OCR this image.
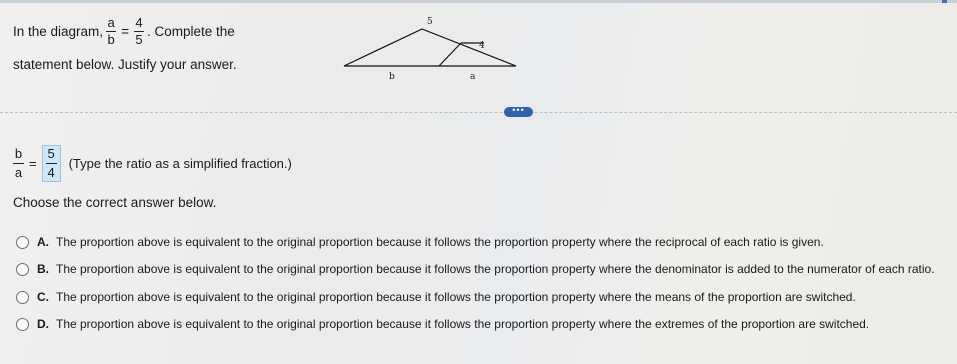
In the diagram, $\frac{a}{b} = \frac{4}{5}$ . Complete the
statement below. Justify your answer.
5
4
b	a
•••
b
a
=
5
4
(Type the ratio as a simplified fraction.)
Choose the correct answer below.
A. The proportion above is equivalent to the original proportion because it follows the proportion property where the reciprocal of each ratio is given.
B. The proportion above is equivalent to the original proportion because it follows the proportion property where the denominator is added to the numerator of each ratio.
C. The proportion above is equivalent to the original proportion because it follows the proportion property where the means of the proportion are switched.
D. The proportion above is equivalent to the original proportion because it follows the proportion property where the extremes of the proportion are switched.
